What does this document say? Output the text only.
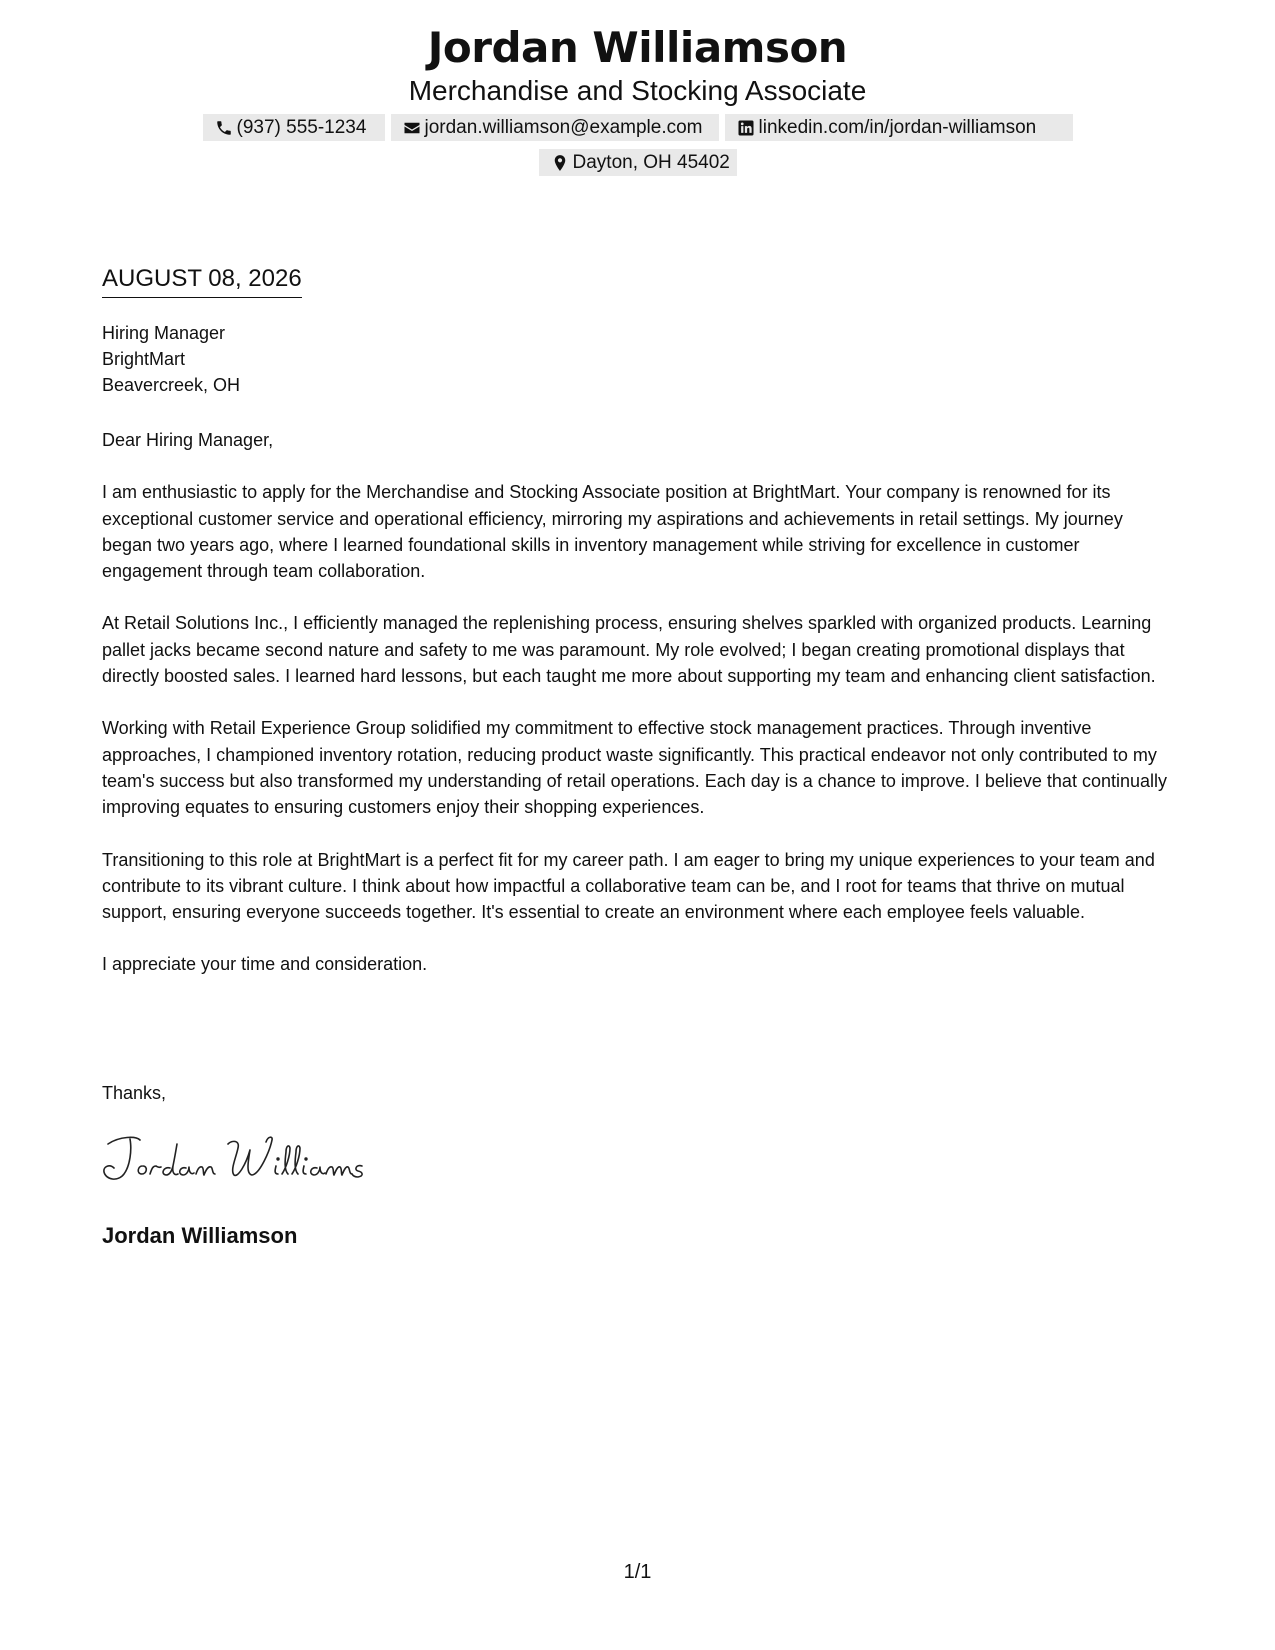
Jordan Williamson
Merchandise and Stocking Associate
(937) 555-1234	jordan.williamson@example.com	linkedin.com/in/jordan-williamson
Dayton, OH 45402
AUGUST 08, 2026
Hiring Manager
BrightMart
Beavercreek, OH

Dear Hiring Manager,

I am enthusiastic to apply for the Merchandise and Stocking Associate position at BrightMart. Your company is renowned for its exceptional customer service and operational efficiency, mirroring my aspirations and achievements in retail settings. My journey began two years ago, where I learned foundational skills in inventory management while striving for excellence in customer engagement through team collaboration.

At Retail Solutions Inc., I efficiently managed the replenishing process, ensuring shelves sparkled with organized products. Learning pallet jacks became second nature and safety to me was paramount. My role evolved; I began creating promotional displays that directly boosted sales. I learned hard lessons, but each taught me more about supporting my team and enhancing client satisfaction.

Working with Retail Experience Group solidified my commitment to effective stock management practices. Through inventive approaches, I championed inventory rotation, reducing product waste significantly. This practical endeavor not only contributed to my team's success but also transformed my understanding of retail operations. Each day is a chance to improve. I believe that continually improving equates to ensuring customers enjoy their shopping experiences.

Transitioning to this role at BrightMart is a perfect fit for my career path. I am eager to bring my unique experiences to your team and contribute to its vibrant culture. I think about how impactful a collaborative team can be, and I root for teams that thrive on mutual support, ensuring everyone succeeds together. It's essential to create an environment where each employee feels valuable.

I appreciate your time and consideration.

Thanks,
Jordan Williamson
1/1
